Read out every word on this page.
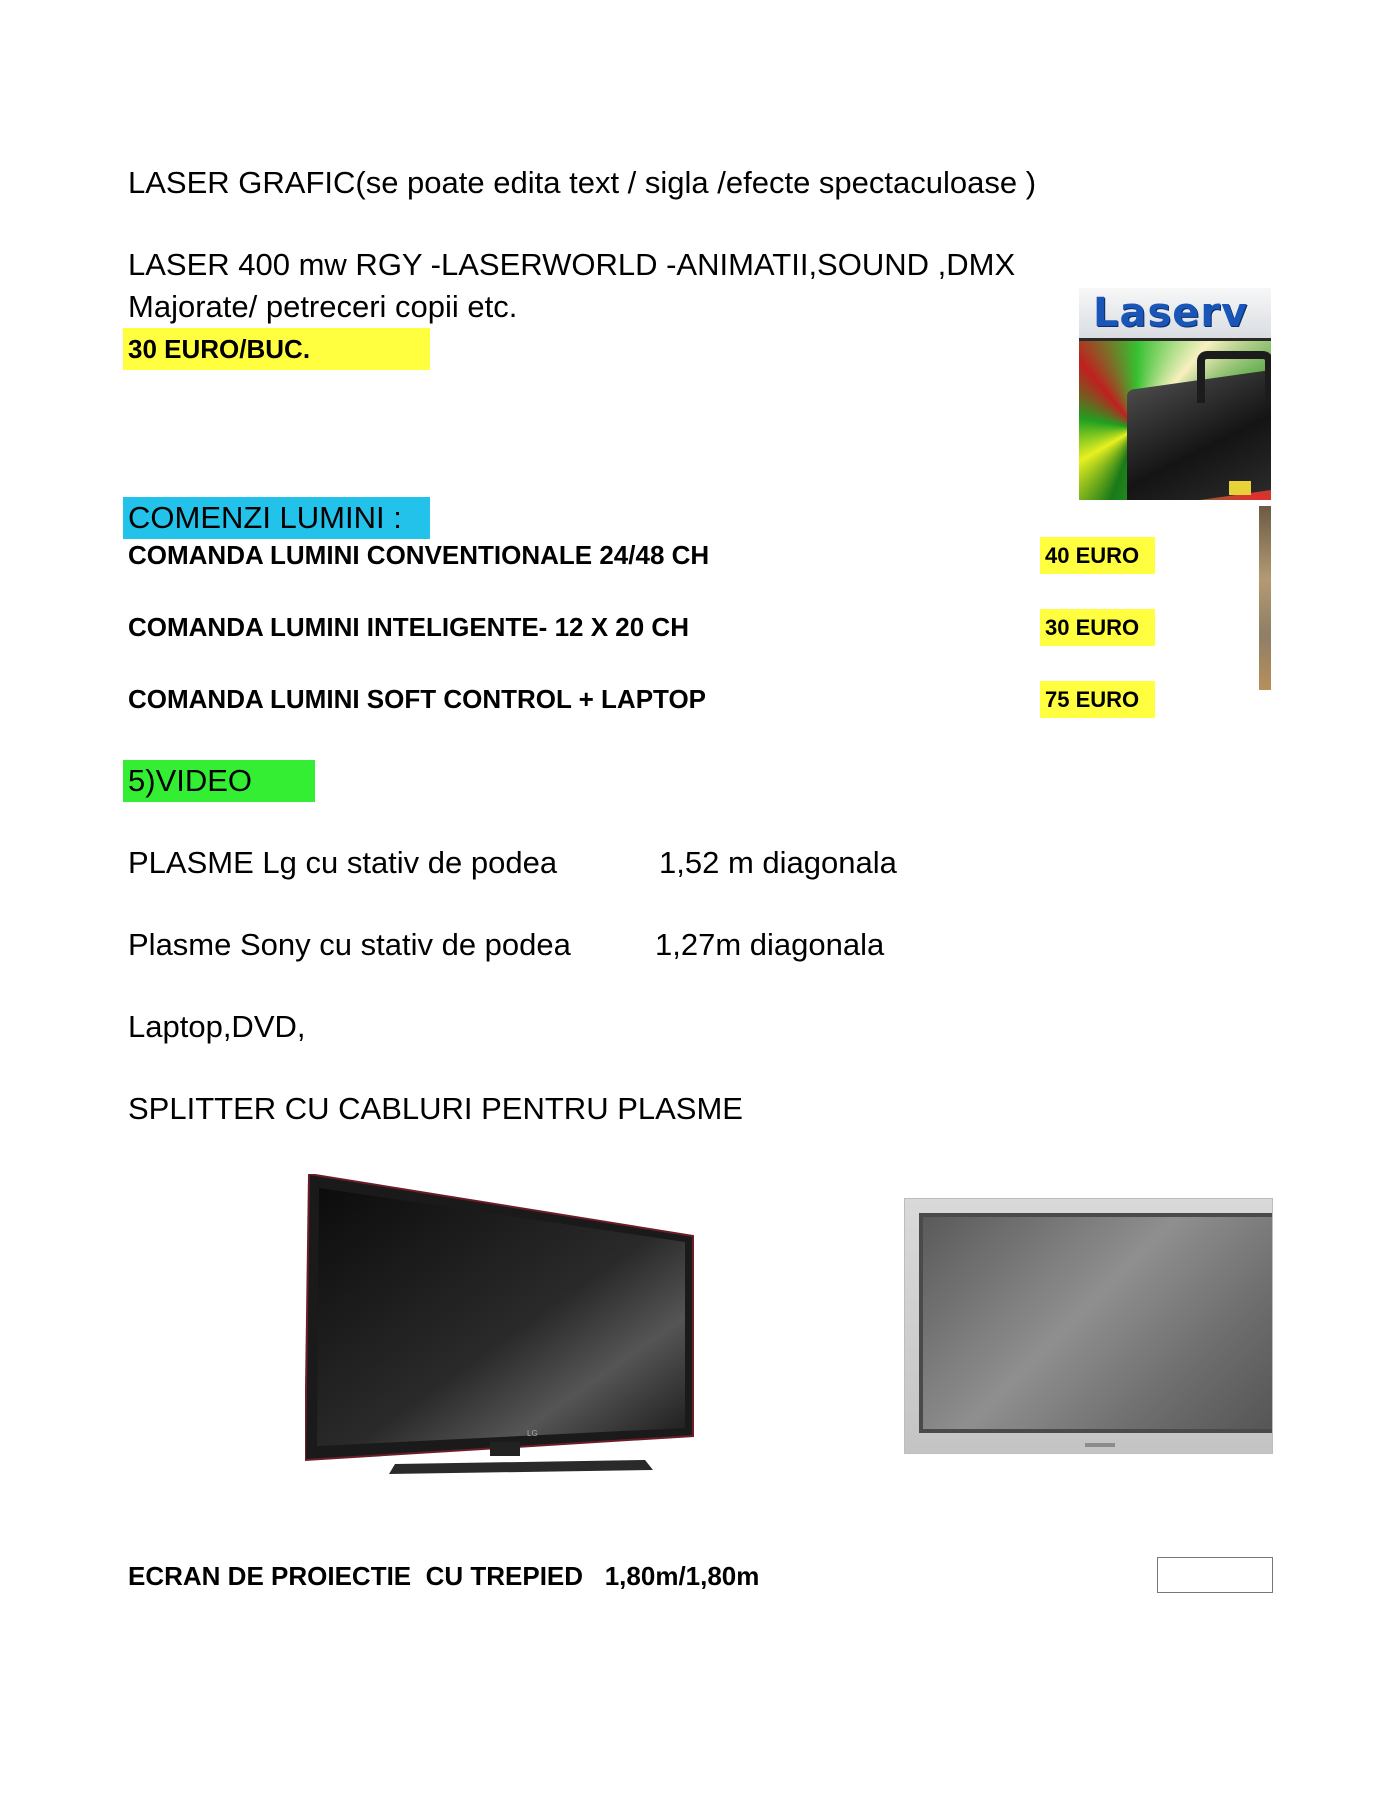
LASER GRAFIC(se poate edita text / sigla /efecte spectaculoase )
LASER 400 mw RGY -LASERWORLD -ANIMATII,SOUND ,DMX
Majorate/ petreceri copii etc.
30 EURO/BUC.
Laserv
COMENZI LUMINI :
COMANDA LUMINI CONVENTIONALE 24/48 CH	40 EURO
COMANDA LUMINI INTELIGENTE- 12 X 20 CH	30 EURO
COMANDA LUMINI SOFT CONTROL + LAPTOP	75 EURO
5)VIDEO
PLASME Lg cu stativ de podea	1,52 m diagonala
Plasme Sony cu stativ de podea	1,27m diagonala
Laptop,DVD,
SPLITTER CU CABLURI PENTRU PLASME
LG
ECRAN DE PROIECTIE  CU TREPIED   1,80m/1,80m
